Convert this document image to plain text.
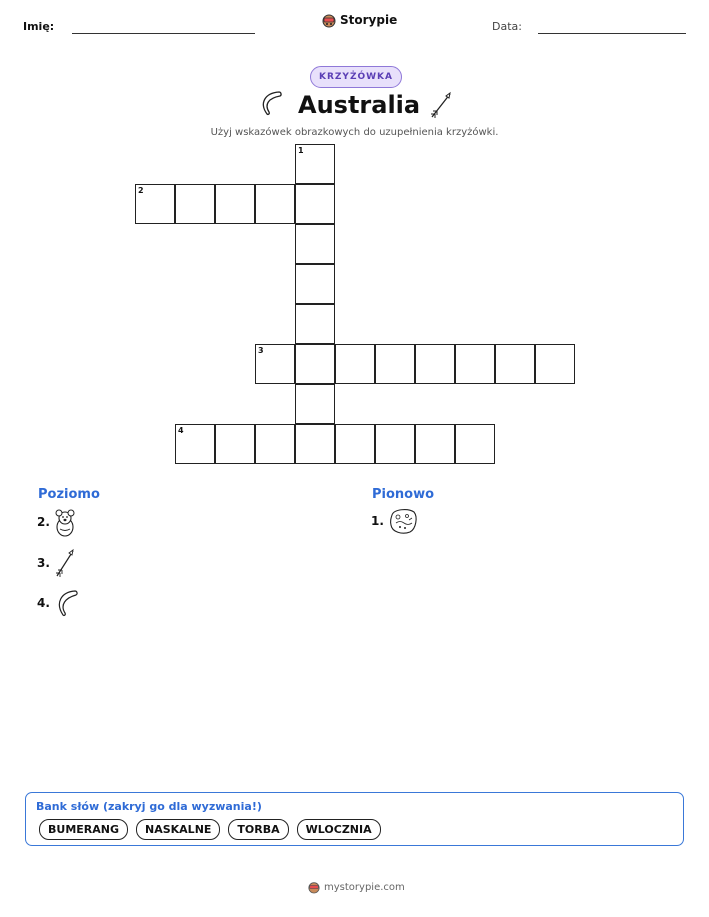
Imię:	Storypie	Data:
KRZYŻÓWKA
Australia
Użyj wskazówek obrazkowych do uzupełnienia krzyżówki.
1
2
3
4
Poziomo	Pionowo
2.
3.
4.
1.
Bank słów (zakryj go dla wyzwania!)
BUMERANG	NASKALNE	TORBA	WLOCZNIA
mystorypie.com
